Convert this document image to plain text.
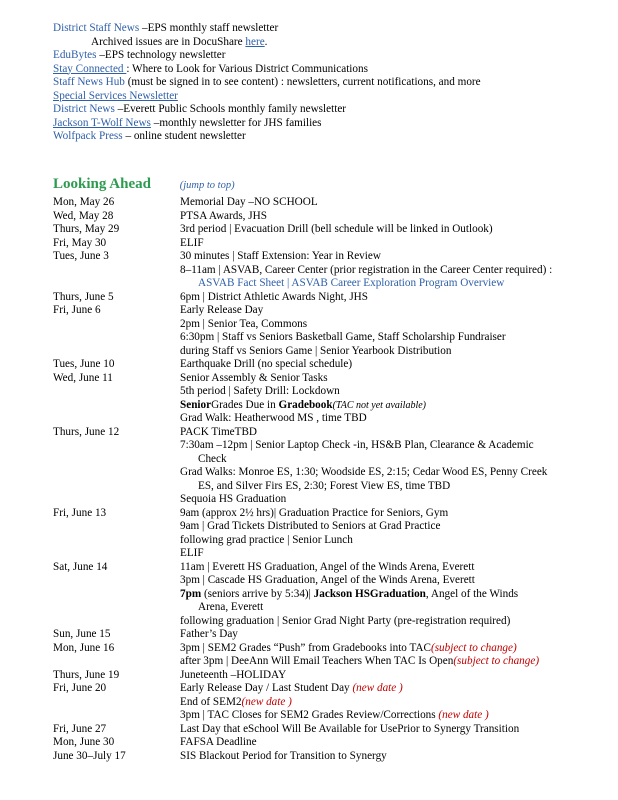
District Staff News –EPS monthly staff newsletter
Archived issues are in DocuShare here.
EduBytes –EPS technology newsletter
Stay Connected : Where to Look for Various District Communications
Staff News Hub (must be signed in to see content) : newsletters, current notifications, and more
Special Services Newsletter
District News –Everett Public Schools monthly family newsletter
Jackson T-Wolf News –monthly newsletter for JHS families
Wolfpack Press – online student newsletter
Looking Ahead	(jump to top)
Mon, May 26	Memorial Day –NO SCHOOL
Wed, May 28	PTSA Awards, JHS
Thurs, May 29	3rd period | Evacuation Drill (bell schedule will be linked in Outlook)
Fri, May 30	ELIF
Tues, June 3	30 minutes | Staff Extension: Year in Review
8–11am | ASVAB, Career Center (prior registration in the Career Center required) :
ASVAB Fact Sheet | ASVAB Career Exploration Program Overview
Thurs, June 5	6pm | District Athletic Awards Night, JHS
Fri, June 6	Early Release Day
2pm | Senior Tea, Commons
6:30pm | Staff vs Seniors Basketball Game, Staff Scholarship Fundraiser
during Staff vs Seniors Game | Senior Yearbook Distribution
Tues, June 10	Earthquake Drill (no special schedule)
Wed, June 11	Senior Assembly & Senior Tasks
5th period | Safety Drill: Lockdown
SeniorGrades Due in Gradebook(TAC not yet available)
Grad Walk: Heatherwood MS , time TBD
Thurs, June 12	PACK TimeTBD
7:30am –12pm | Senior Laptop Check -in, HS&B Plan, Clearance & Academic
Check
Grad Walks: Monroe ES, 1:30; Woodside ES, 2:15; Cedar Wood ES, Penny Creek
ES, and Silver Firs ES, 2:30; Forest View ES, time TBD
Sequoia HS Graduation
Fri, June 13	9am (approx 2½ hrs)| Graduation Practice for Seniors, Gym
9am | Grad Tickets Distributed to Seniors at Grad Practice
following grad practice | Senior Lunch
ELIF
Sat, June 14	11am | Everett HS Graduation, Angel of the Winds Arena, Everett
3pm | Cascade HS Graduation, Angel of the Winds Arena, Everett
7pm (seniors arrive by 5:34)| Jackson HSGraduation, Angel of the Winds
Arena, Everett
following graduation | Senior Grad Night Party (pre-registration required)
Sun, June 15	Father’s Day
Mon, June 16	3pm | SEM2 Grades “Push” from Gradebooks into TAC(subject to change)
after 3pm | DeeAnn Will Email Teachers When TAC Is Open(subject to change)
Thurs, June 19	Juneteenth –HOLIDAY
Fri, June 20	Early Release Day / Last Student Day (new date )
End of SEM2(new date )
3pm | TAC Closes for SEM2 Grades Review/Corrections (new date )
Fri, June 27	Last Day that eSchool Will Be Available for UsePrior to Synergy Transition
Mon, June 30	FAFSA Deadline
June 30–July 17	SIS Blackout Period for Transition to Synergy
